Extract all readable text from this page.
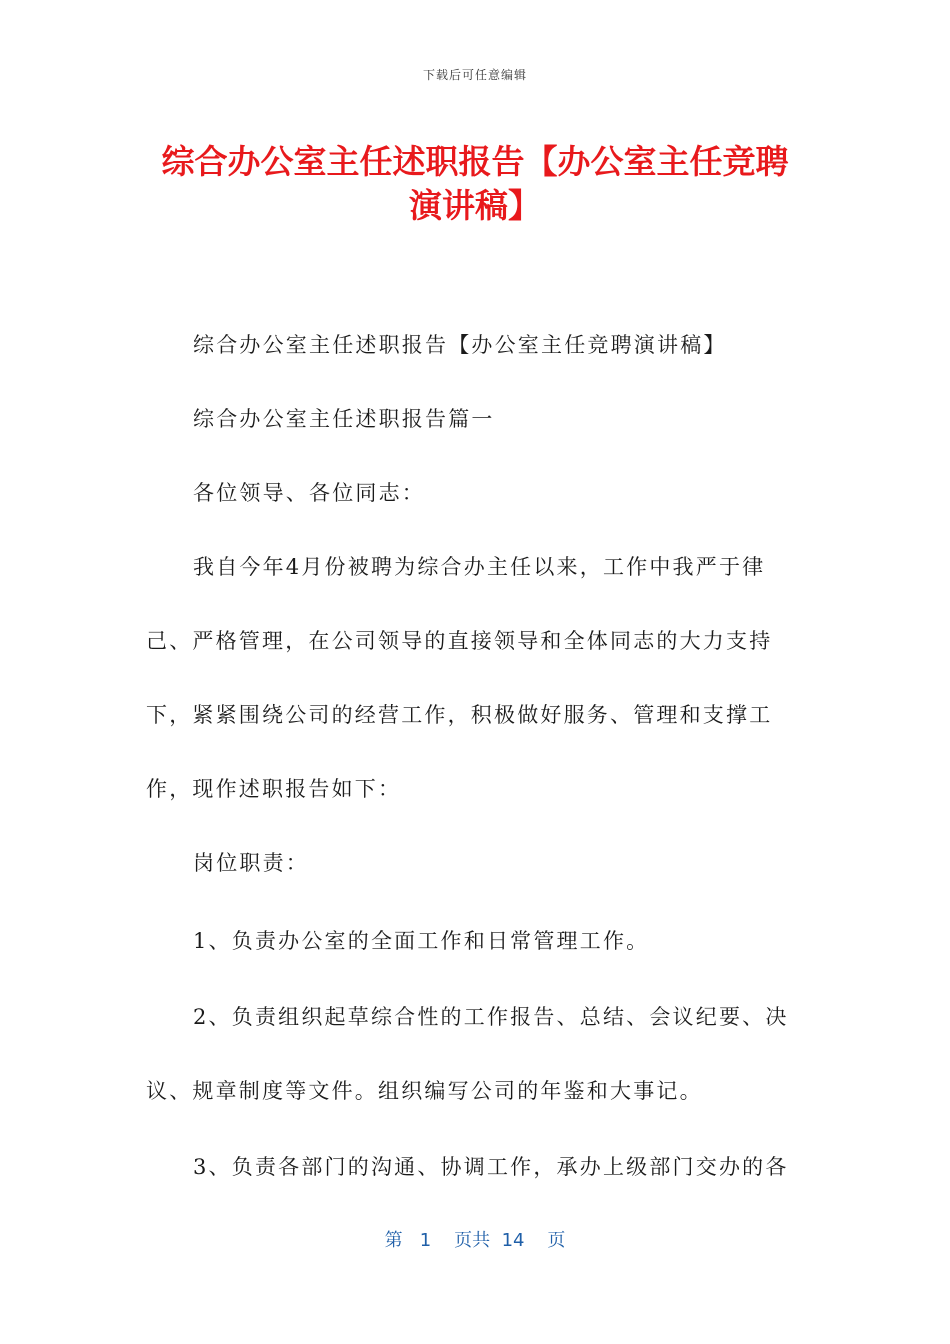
下载后可任意编辑
综合办公室主任述职报告【办公室主任竞聘
演讲稿】
综合办公室主任述职报告【办公室主任竞聘演讲稿】
综合办公室主任述职报告篇一
各位领导、各位同志：
我自今年4月份被聘为综合办主任以来，工作中我严于律
己、严格管理，在公司领导的直接领导和全体同志的大力支持
下，紧紧围绕公司的经营工作，积极做好服务、管理和支撑工
作，现作述职报告如下：
岗位职责：
1、负责办公室的全面工作和日常管理工作。
2、负责组织起草综合性的工作报告、总结、会议纪要、决
议、规章制度等文件。组织编写公司的年鉴和大事记。
3、负责各部门的沟通、协调工作，承办上级部门交办的各
第 1 页共 14 页
